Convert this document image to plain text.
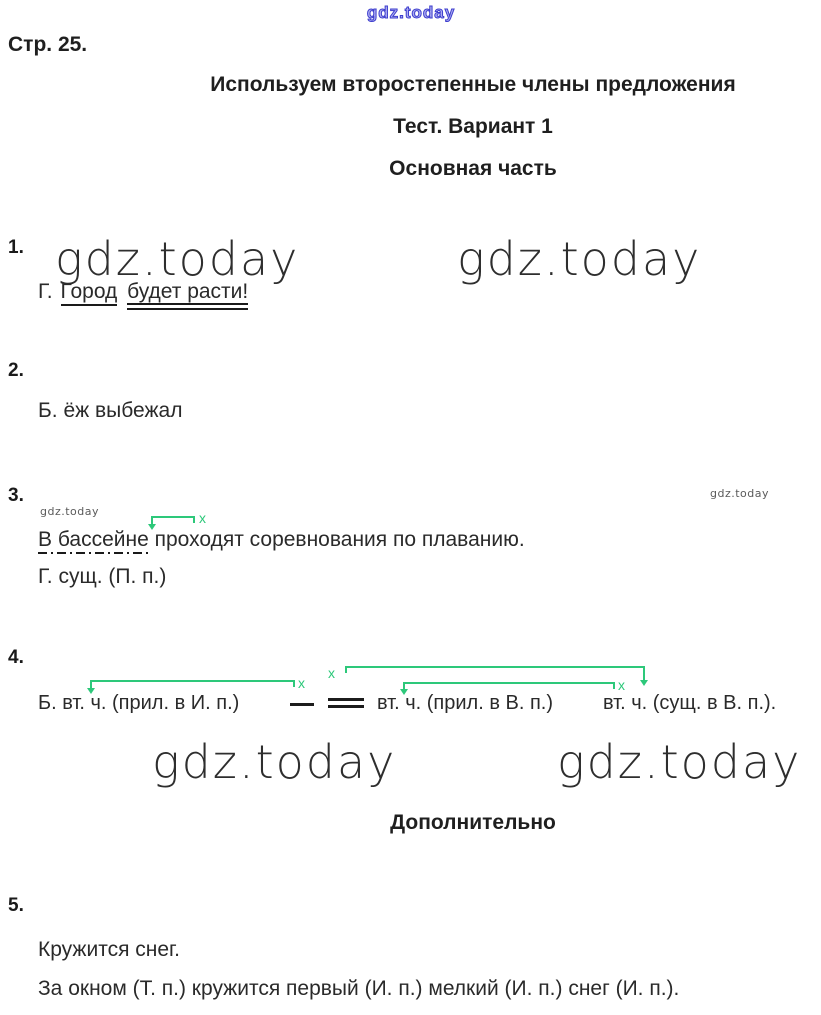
gdz.today
Стр. 25.
Используем второстепенные члены предложения
Тест. Вариант 1
Основная часть
1. gdz.today	gdz.today
Г. Город будет расти!
2.
Б. ёж выбежал
3.
gdz.today
gdz.today
х
В бассейне проходят соревнования по плаванию.
Г. сущ. (П. п.)
4.
х
х
х
Б. вт. ч. (прил. в И. п.)	вт. ч. (прил. в В. п.) вт. ч. (сущ. в В. п.).
gdz.today	gdz.today
Дополнительно
5.
Кружится снег.
За окном (Т. п.) кружится первый (И. п.) мелкий (И. п.) снег (И. п.).
